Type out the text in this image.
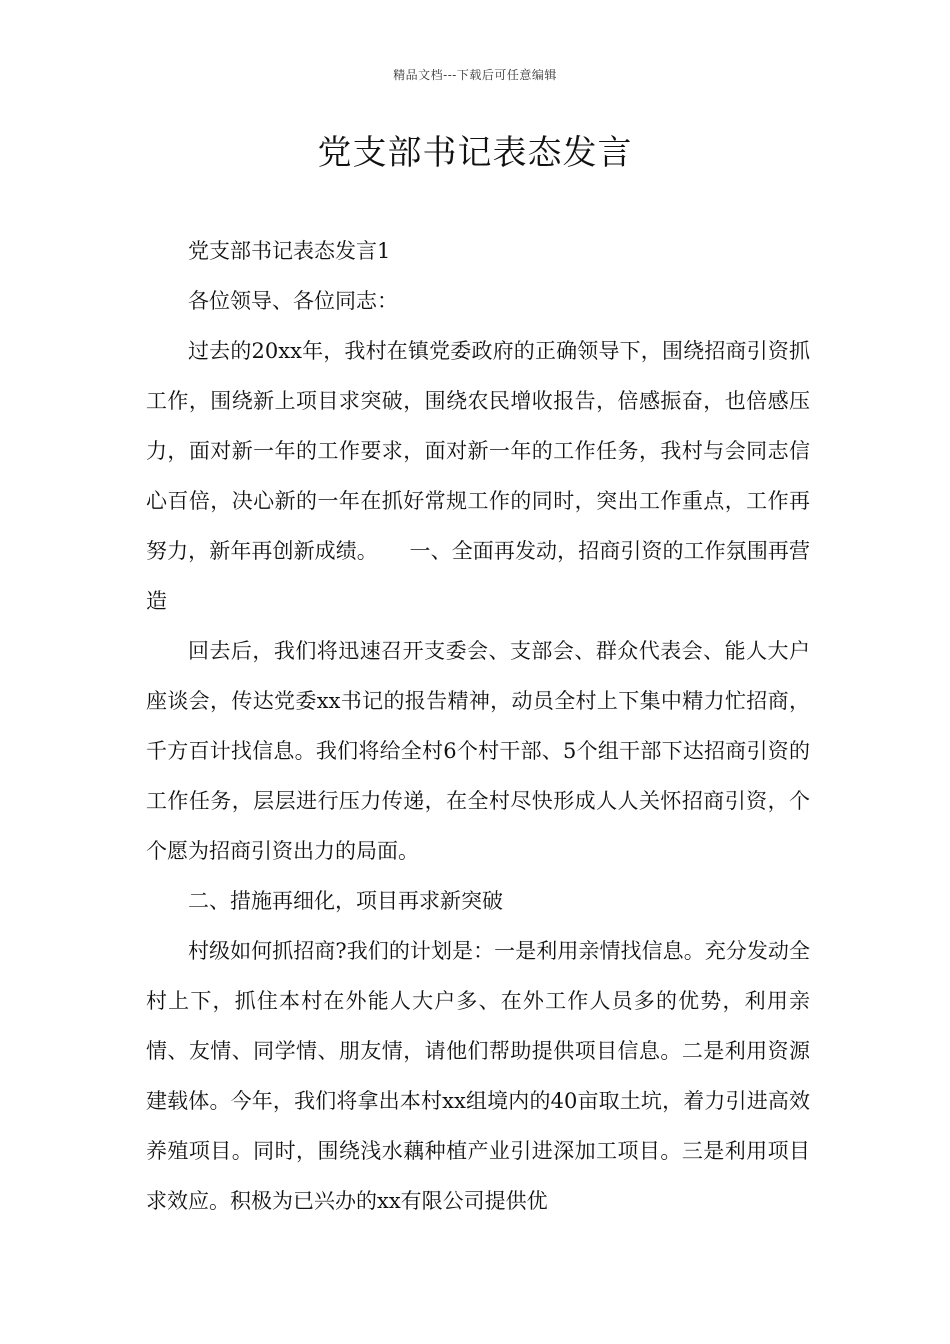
精品文档---下载后可任意编辑
党支部书记表态发言

党支部书记表态发言1

各位领导、各位同志：

过去的20xx年，我村在镇党委政府的正确领导下，围绕招商引资抓工作，围绕新上项目求突破，围绕农民增收报告，倍感振奋，也倍感压力，面对新一年的工作要求，面对新一年的工作任务，我村与会同志信心百倍，决心新的一年在抓好常规工作的同时，突出工作重点，工作再努力，新年再创新成绩。　　一、全面再发动，招商引资的工作氛围再营造

回去后，我们将迅速召开支委会、支部会、群众代表会、能人大户座谈会，传达党委xx书记的报告精神，动员全村上下集中精力忙招商，千方百计找信息。我们将给全村6个村干部、5个组干部下达招商引资的工作任务，层层进行压力传递，在全村尽快形成人人关怀招商引资，个个愿为招商引资出力的局面。

二、措施再细化，项目再求新突破

村级如何抓招商?我们的计划是：一是利用亲情找信息。充分发动全村上下，抓住本村在外能人大户多、在外工作人员多的优势，利用亲情、友情、同学情、朋友情，请他们帮助提供项目信息。二是利用资源建载体。今年，我们将拿出本村xx组境内的40亩取土坑，着力引进高效养殖项目。同时，围绕浅水藕种植产业引进深加工项目。三是利用项目求效应。积极为已兴办的xx有限公司提供优
